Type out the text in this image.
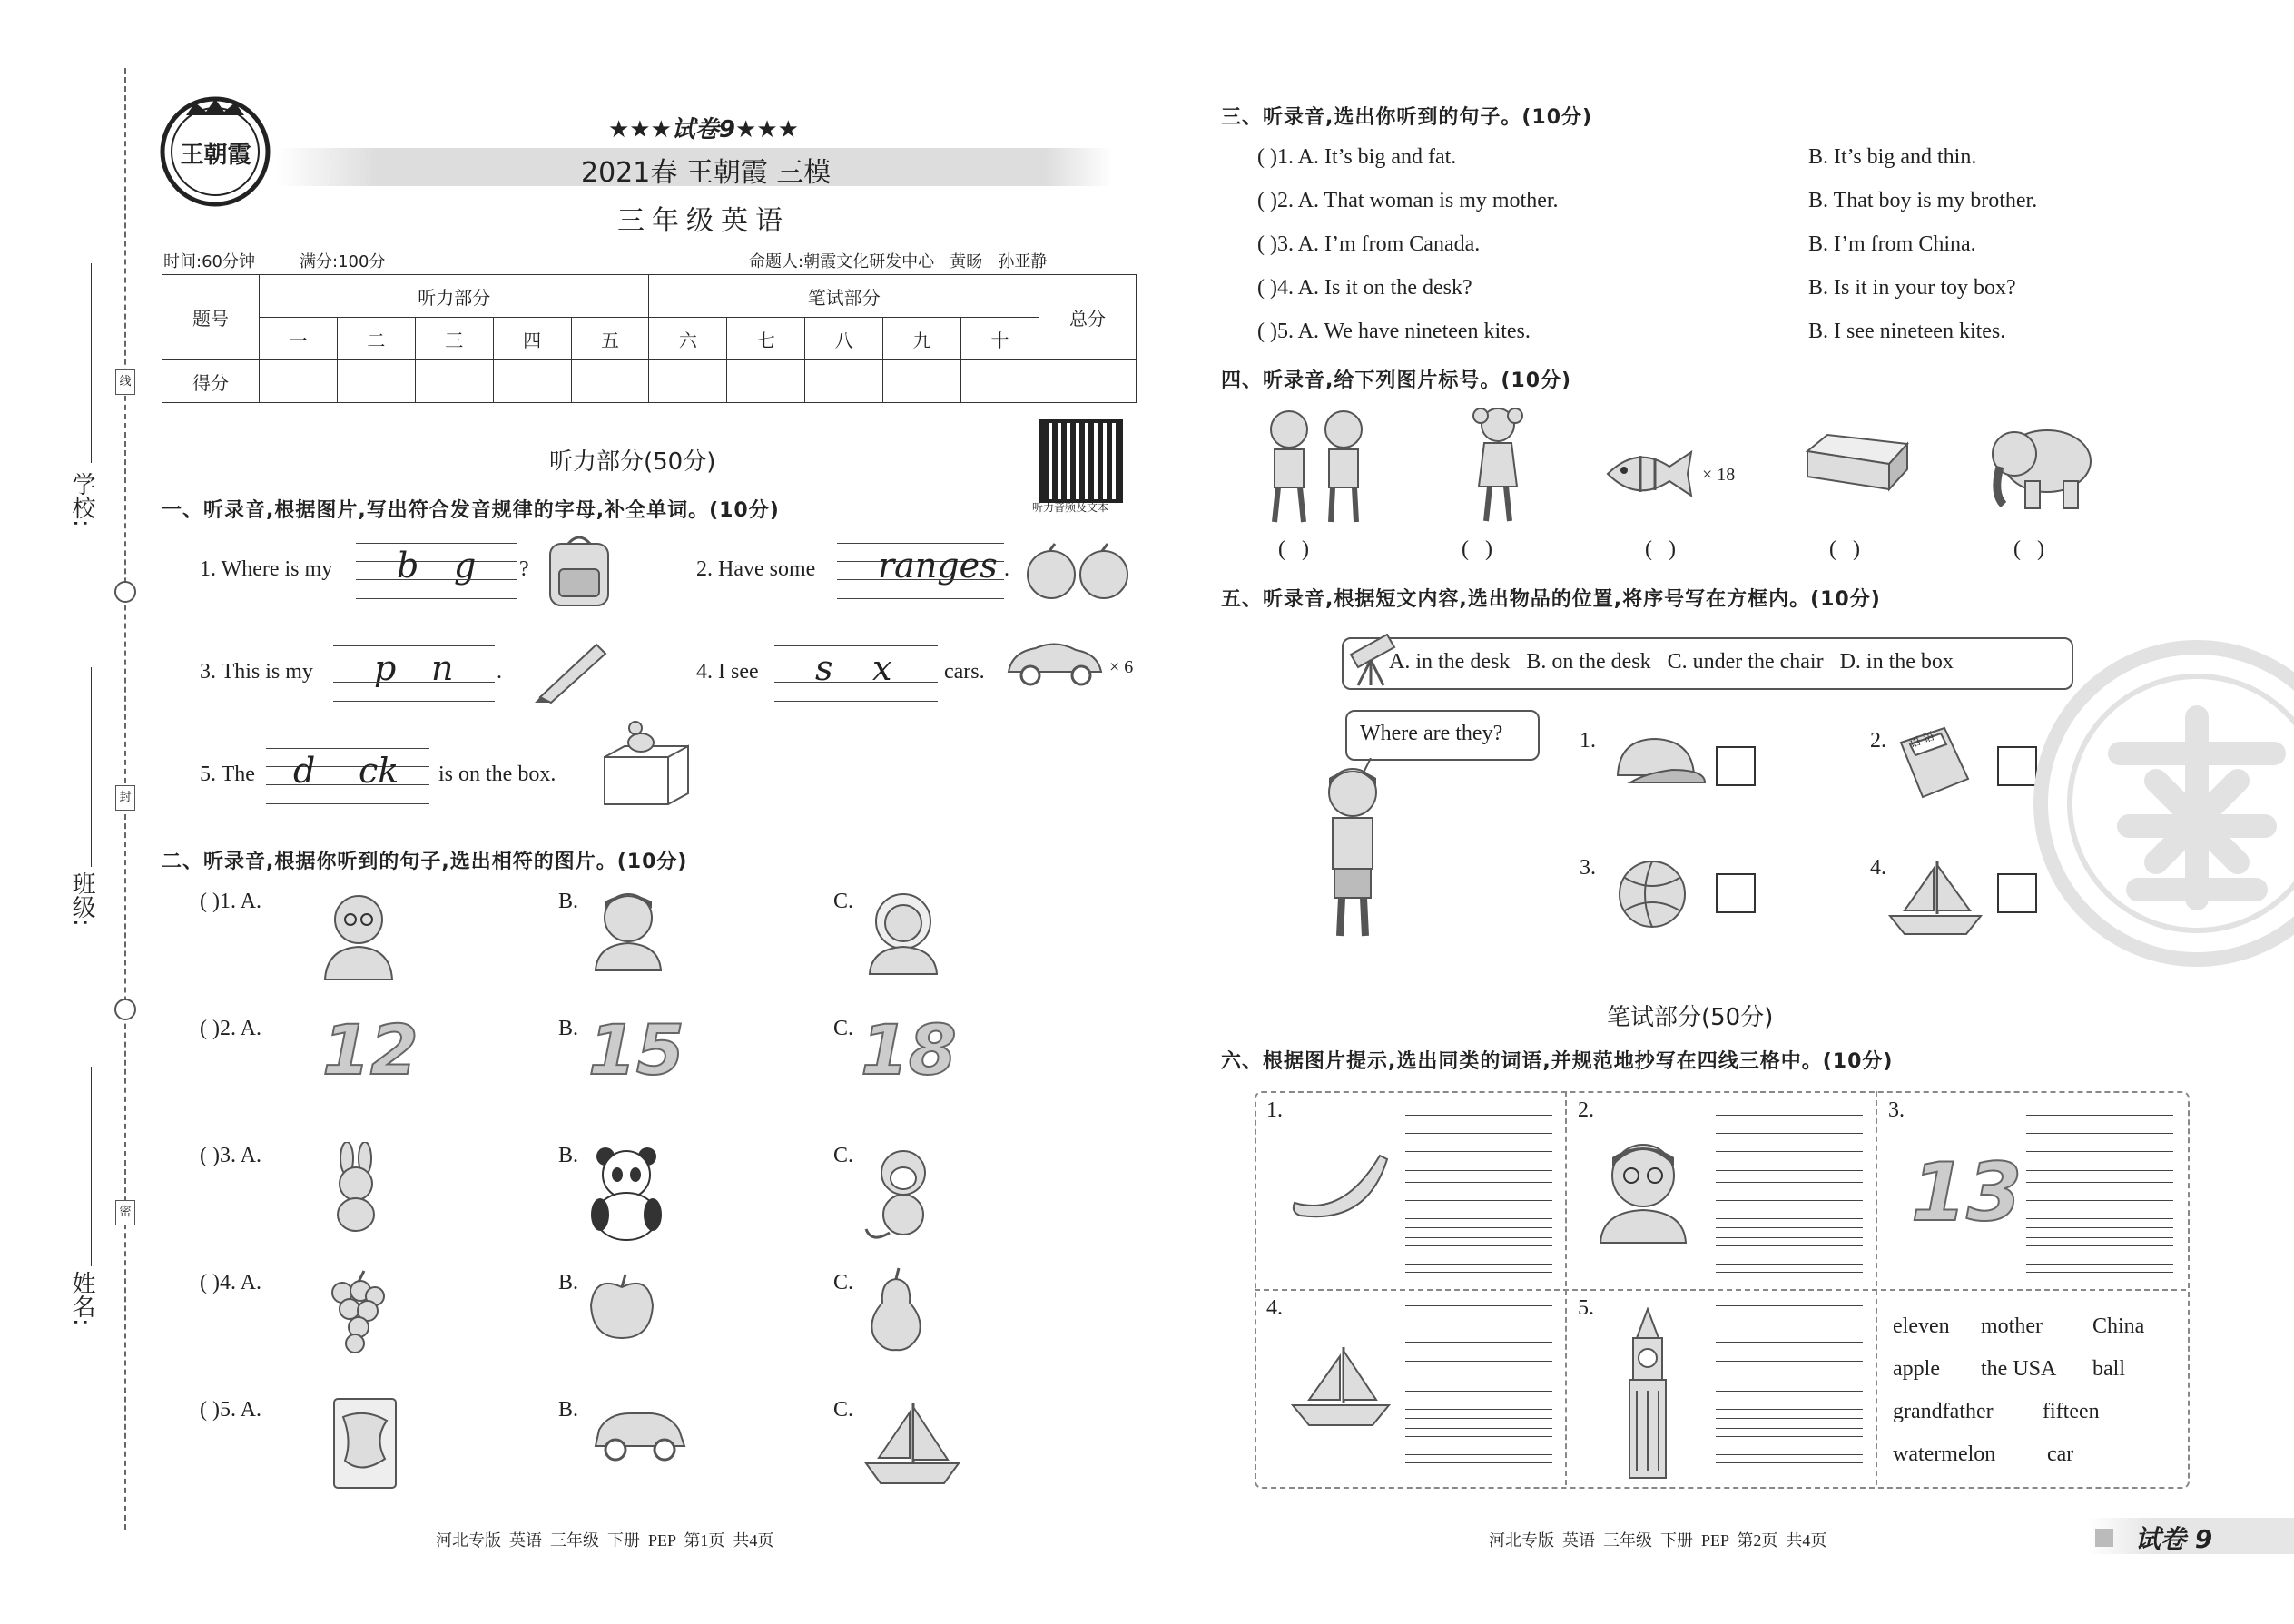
学校:
班级:
姓名:
线
封
密
王朝霞
★★★试卷9★★★
2021春 王朝霞 三模
三年级英语
时间:60分钟	满分:100分	命题人:朝霞文化研发中心   黄旸   孙亚静
题号	听力部分					笔试部分					总分
	一	二	三	四	五	六	七	八	九	十	
得分											
听力部分(50分)
听力音频及文本
一、听录音,根据图片,写出符合发音规律的字母,补全单词。(10分)
1. Where is my b g ?	2. Have some ranges .
3. This is my p n .	4. I see s x cars.	× 6
5. The d ck is on the box.
二、听录音,根据你听到的句子,选出相符的图片。(10分)
( )1. A.	B.	C.
( )2. A. 12	B. 15	C. 18
( )3. A.	B.	C.
( )4. A.	B.	C.
( )5. A.	B.	C.
河北专版  英语  三年级  下册  PEP  第1页  共4页
三、听录音,选出你听到的句子。(10分)
( )1. A. It’s big and fat.	B. It’s big and thin.
( )2. A. That woman is my mother.	B. That boy is my brother.
( )3. A. I’m from Canada.	B. I’m from China.
( )4. A. Is it on the desk?	B. Is it in your toy box?
( )5. A. We have nineteen kites.	B. I see nineteen kites.
四、听录音,给下列图片标号。(10分)
× 18
(   )	(   )	(   )	(   )	(   )
五、听录音,根据短文内容,选出物品的位置,将序号写在方框内。(10分)
A. in the desk   B. on the desk   C. under the chair   D. in the box
Where are they?	1.	2. 语 语
3.	4.
笔试部分(50分)
六、根据图片提示,选出同类的词语,并规范地抄写在四线三格中。(10分)
1.	2.	3.
13
4.	5.
eleven mother China
apple the USA ball
grandfather fifteen
watermelon car
河北专版  英语  三年级  下册  PEP  第2页  共4页	试卷 9
